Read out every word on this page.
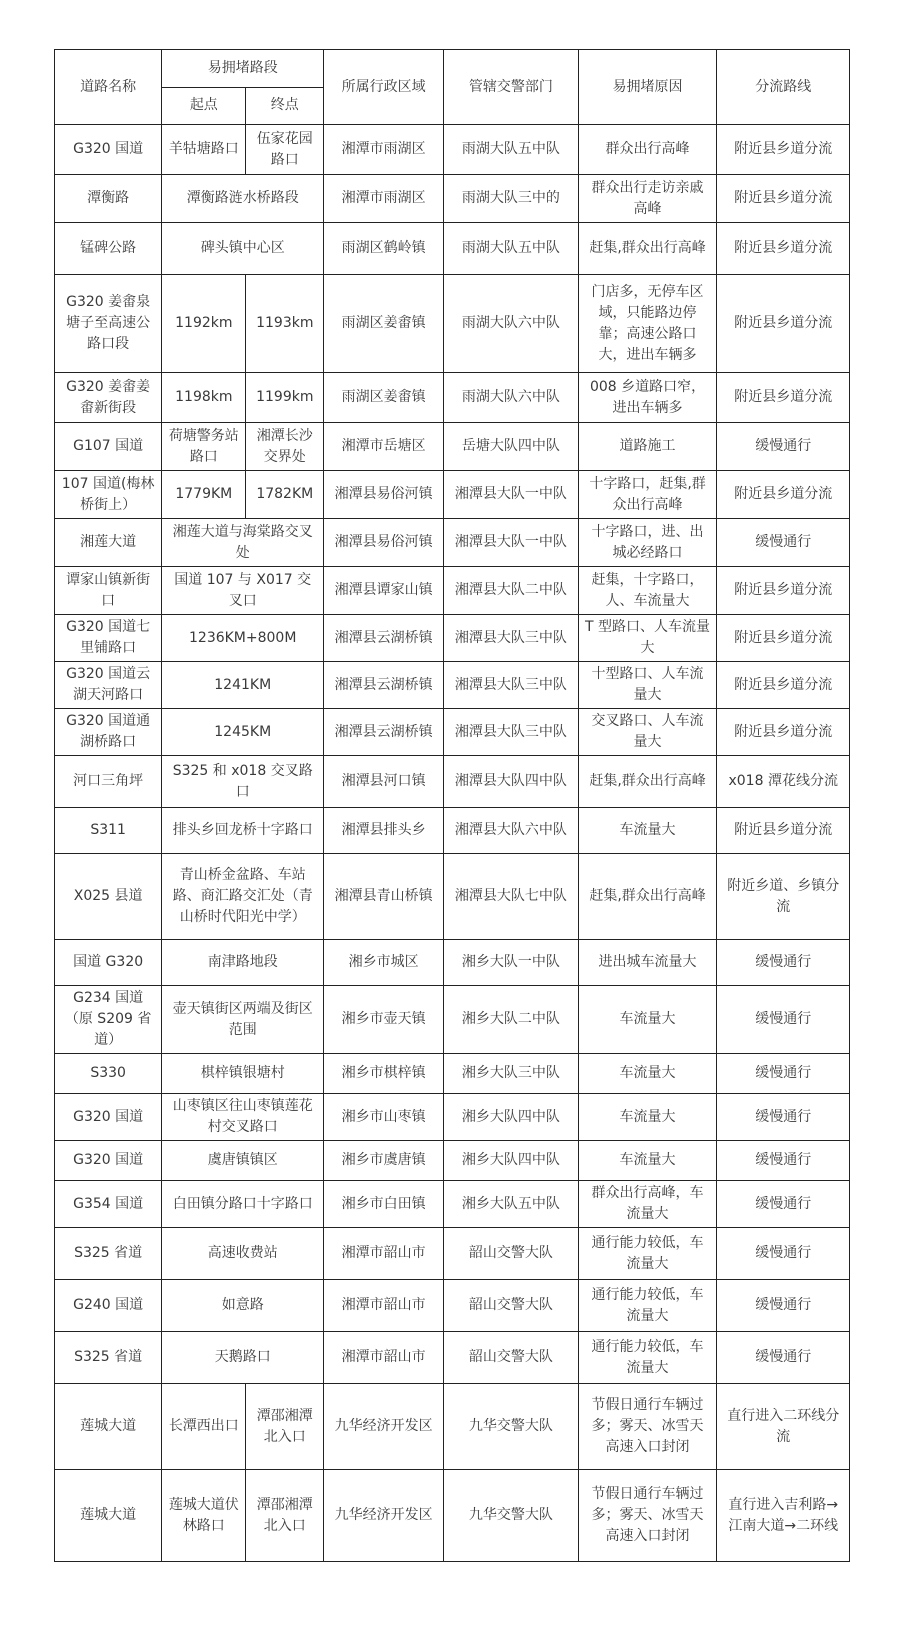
道路名称	易拥堵路段		所属行政区域	管辖交警部门	易拥堵原因	分流路线
	起点	终点				
G320 国道	羊牯塘路口	伍家花园路口	湘潭市雨湖区	雨湖大队五中队	群众出行高峰	附近县乡道分流
潭衡路	潭衡路涟水桥路段		湘潭市雨湖区	雨湖大队三中的	群众出行走访亲戚高峰	附近县乡道分流
锰碑公路	碑头镇中心区		雨湖区鹤岭镇	雨湖大队五中队	赶集,群众出行高峰	附近县乡道分流
G320 姜畬泉塘子至高速公路口段	1192km	1193km	雨湖区姜畬镇	雨湖大队六中队	门店多，无停车区域，只能路边停靠；高速公路口大，进出车辆多	附近县乡道分流
G320 姜畬姜畬新街段	1198km	1199km	雨湖区姜畬镇	雨湖大队六中队	008 乡道路口窄，进出车辆多	附近县乡道分流
G107 国道	荷塘警务站路口	湘潭长沙交界处	湘潭市岳塘区	岳塘大队四中队	道路施工	缓慢通行
107 国道(梅林桥街上）	1779KM	1782KM	湘潭县易俗河镇	湘潭县大队一中队	十字路口，赶集,群众出行高峰	附近县乡道分流
湘莲大道	湘莲大道与海棠路交叉处		湘潭县易俗河镇	湘潭县大队一中队	十字路口，进、出城必经路口	缓慢通行
谭家山镇新街口	国道 107 与 X017 交叉口		湘潭县谭家山镇	湘潭县大队二中队	赶集，十字路口，人、车流量大	附近县乡道分流
G320 国道七里铺路口	1236KM+800M		湘潭县云湖桥镇	湘潭县大队三中队	T 型路口、人车流量大	附近县乡道分流
G320 国道云湖天河路口	1241KM		湘潭县云湖桥镇	湘潭县大队三中队	十型路口、人车流量大	附近县乡道分流
G320 国道通湖桥路口	1245KM		湘潭县云湖桥镇	湘潭县大队三中队	交叉路口、人车流量大	附近县乡道分流
河口三角坪	S325 和 x018 交叉路口		湘潭县河口镇	湘潭县大队四中队	赶集,群众出行高峰	x018 潭花线分流
S311	排头乡回龙桥十字路口		湘潭县排头乡	湘潭县大队六中队	车流量大	附近县乡道分流
X025 县道	青山桥金盆路、车站路、商汇路交汇处（青山桥时代阳光中学）		湘潭县青山桥镇	湘潭县大队七中队	赶集,群众出行高峰	附近乡道、乡镇分流
国道 G320	南津路地段		湘乡市城区	湘乡大队一中队	进出城车流量大	缓慢通行
G234 国道（原 S209 省道）	壶天镇街区两端及街区范围		湘乡市壶天镇	湘乡大队二中队	车流量大	缓慢通行
S330	棋梓镇银塘村		湘乡市棋梓镇	湘乡大队三中队	车流量大	缓慢通行
G320 国道	山枣镇区往山枣镇莲花村交叉路口		湘乡市山枣镇	湘乡大队四中队	车流量大	缓慢通行
G320 国道	虞唐镇镇区		湘乡市虞唐镇	湘乡大队四中队	车流量大	缓慢通行
G354 国道	白田镇分路口十字路口		湘乡市白田镇	湘乡大队五中队	群众出行高峰，车流量大	缓慢通行
S325 省道	高速收费站		湘潭市韶山市	韶山交警大队	通行能力较低，车流量大	缓慢通行
G240 国道	如意路		湘潭市韶山市	韶山交警大队	通行能力较低，车流量大	缓慢通行
S325 省道	天鹅路口		湘潭市韶山市	韶山交警大队	通行能力较低，车流量大	缓慢通行
莲城大道	长潭西出口	潭邵湘潭北入口	九华经济开发区	九华交警大队	节假日通行车辆过多；雾天、冰雪天高速入口封闭	直行进入二环线分流
莲城大道	莲城大道伏林路口	潭邵湘潭北入口	九华经济开发区	九华交警大队	节假日通行车辆过多；雾天、冰雪天高速入口封闭	直行进入吉利路→江南大道→二环线
